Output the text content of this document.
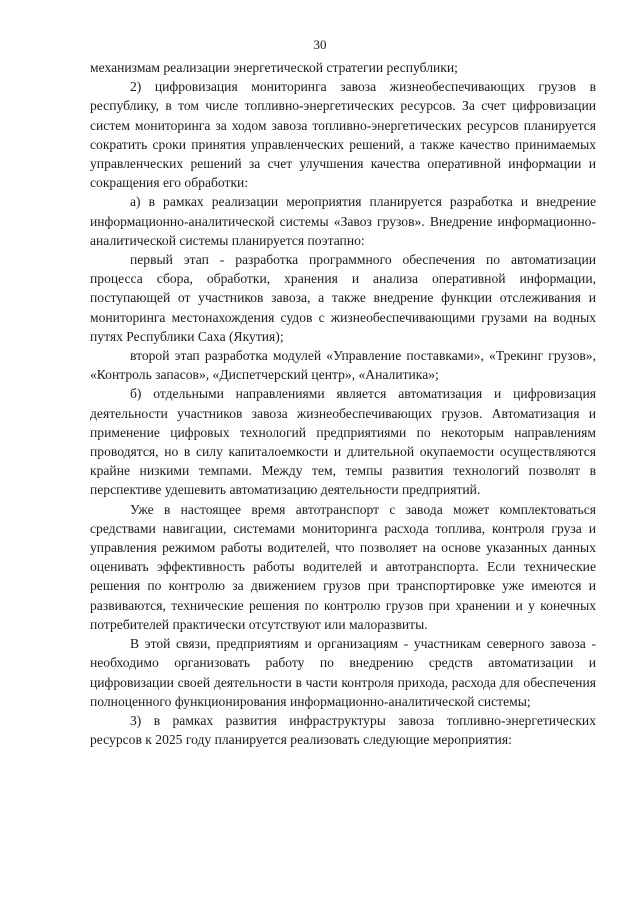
30

механизмам реализации энергетической стратегии республики;

2) цифровизация мониторинга завоза жизнеобеспечивающих грузов в республику, в том числе топливно-энергетических ресурсов. За счет цифровизации систем мониторинга за ходом завоза топливно-энергетических ресурсов планируется сократить сроки принятия управленческих решений, а также качество принимаемых управленческих решений за счет улучшения качества оперативной информации и сокращения его обработки:

а) в рамках реализации мероприятия планируется разработка и внедрение информационно-аналитической системы «Завоз грузов». Внедрение информационно-аналитической системы планируется поэтапно:

первый этап - разработка программного обеспечения по автоматизации процесса сбора, обработки, хранения и анализа оперативной информации, поступающей от участников завоза, а также внедрение функции отслеживания и мониторинга местонахождения судов с жизнеобеспечивающими грузами на водных путях Республики Саха (Якутия);

второй этап разработка модулей «Управление поставками», «Трекинг грузов», «Контроль запасов», «Диспетчерский центр», «Аналитика»;

б) отдельными направлениями является автоматизация и цифровизация деятельности участников завоза жизнеобеспечивающих грузов. Автоматизация и применение цифровых технологий предприятиями по некоторым направлениям проводятся, но в силу капиталоемкости и длительной окупаемости осуществляются крайне низкими темпами. Между тем, темпы развития технологий позволят в перспективе удешевить автоматизацию деятельности предприятий.

Уже в настоящее время автотранспорт с завода может комплектоваться средствами навигации, системами мониторинга расхода топлива, контроля груза и управления режимом работы водителей, что позволяет на основе указанных данных оценивать эффективность работы водителей и автотранспорта. Если технические решения по контролю за движением грузов при транспортировке уже имеются и развиваются, технические решения по контролю грузов при хранении и у конечных потребителей практически отсутствуют или малоразвиты.

В этой связи, предприятиям и организациям - участникам северного завоза - необходимо организовать работу по внедрению средств автоматизации и цифровизации своей деятельности в части контроля прихода, расхода для обеспечения полноценного функционирования информационно-аналитической системы;

3) в рамках развития инфраструктуры завоза топливно-энергетических ресурсов к 2025 году планируется реализовать следующие мероприятия:
